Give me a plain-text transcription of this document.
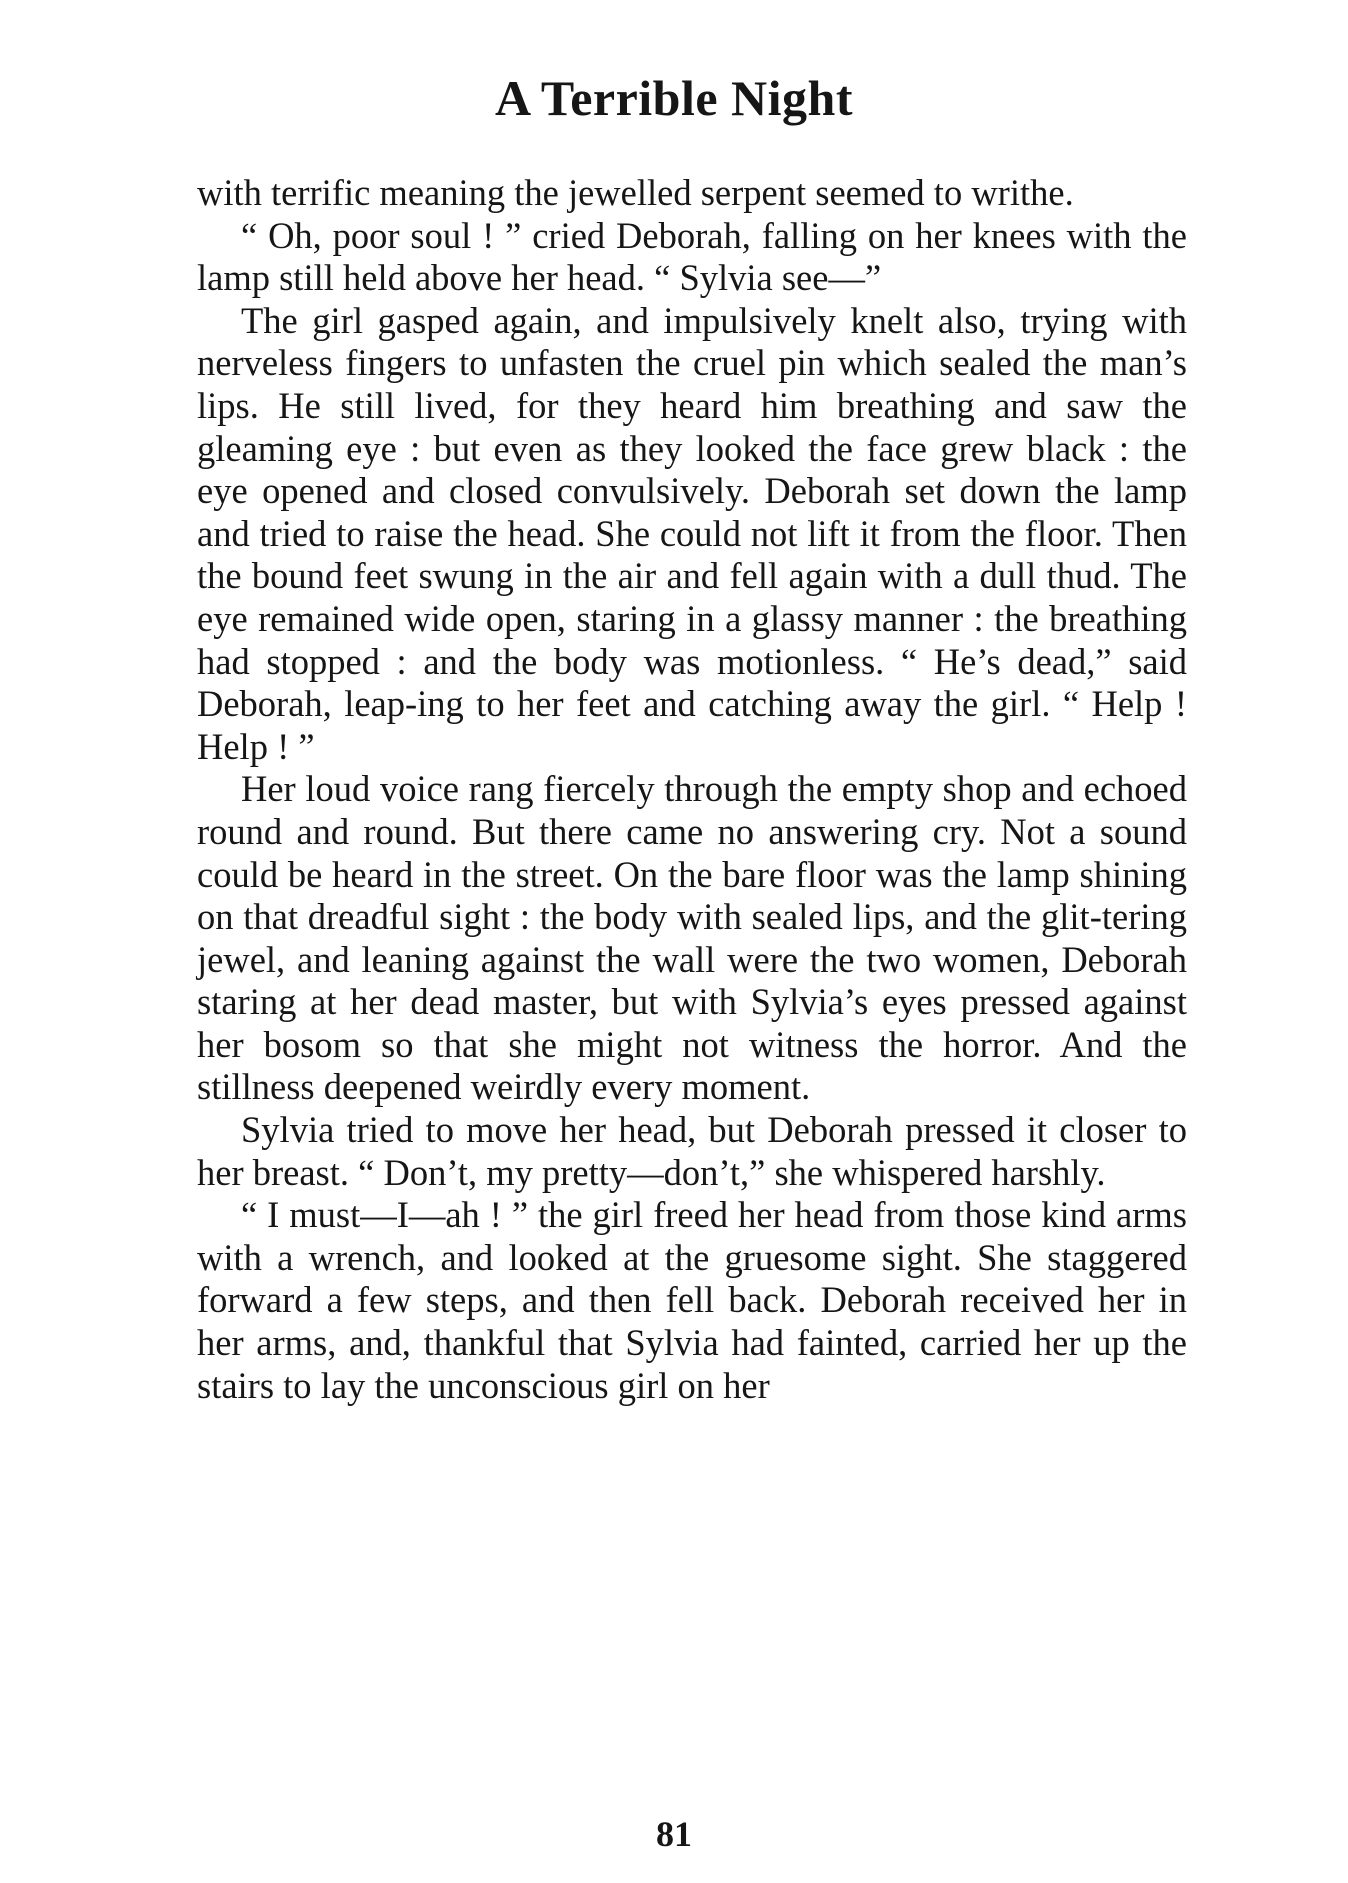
A Terrible Night

with terrific meaning the jewelled serpent seemed to writhe.

“ Oh, poor soul ! ” cried Deborah, falling on her knees with the lamp still held above her head. “ Sylvia see—”

The girl gasped again, and impulsively knelt also, trying with nerveless fingers to unfasten the cruel pin which sealed the man’s lips. He still lived, for they heard him breathing and saw the gleaming eye : but even as they looked the face grew black : the eye opened and closed convulsively. Deborah set down the lamp and tried to raise the head. She could not lift it from the floor. Then the bound feet swung in the air and fell again with a dull thud. The eye remained wide open, staring in a glassy manner : the breathing had stopped : and the body was motionless. “ He’s dead,” said Deborah, leap-ing to her feet and catching away the girl. “ Help ! Help ! ”

Her loud voice rang fiercely through the empty shop and echoed round and round. But there came no answering cry. Not a sound could be heard in the street. On the bare floor was the lamp shining on that dreadful sight : the body with sealed lips, and the glit-tering jewel, and leaning against the wall were the two women, Deborah staring at her dead master, but with Sylvia’s eyes pressed against her bosom so that she might not witness the horror. And the stillness deepened weirdly every moment.

Sylvia tried to move her head, but Deborah pressed it closer to her breast. “ Don’t, my pretty—don’t,” she whispered harshly.

“ I must—I—ah ! ” the girl freed her head from those kind arms with a wrench, and looked at the gruesome sight. She staggered forward a few steps, and then fell back. Deborah received her in her arms, and, thankful that Sylvia had fainted, carried her up the stairs to lay the unconscious girl on her

81
